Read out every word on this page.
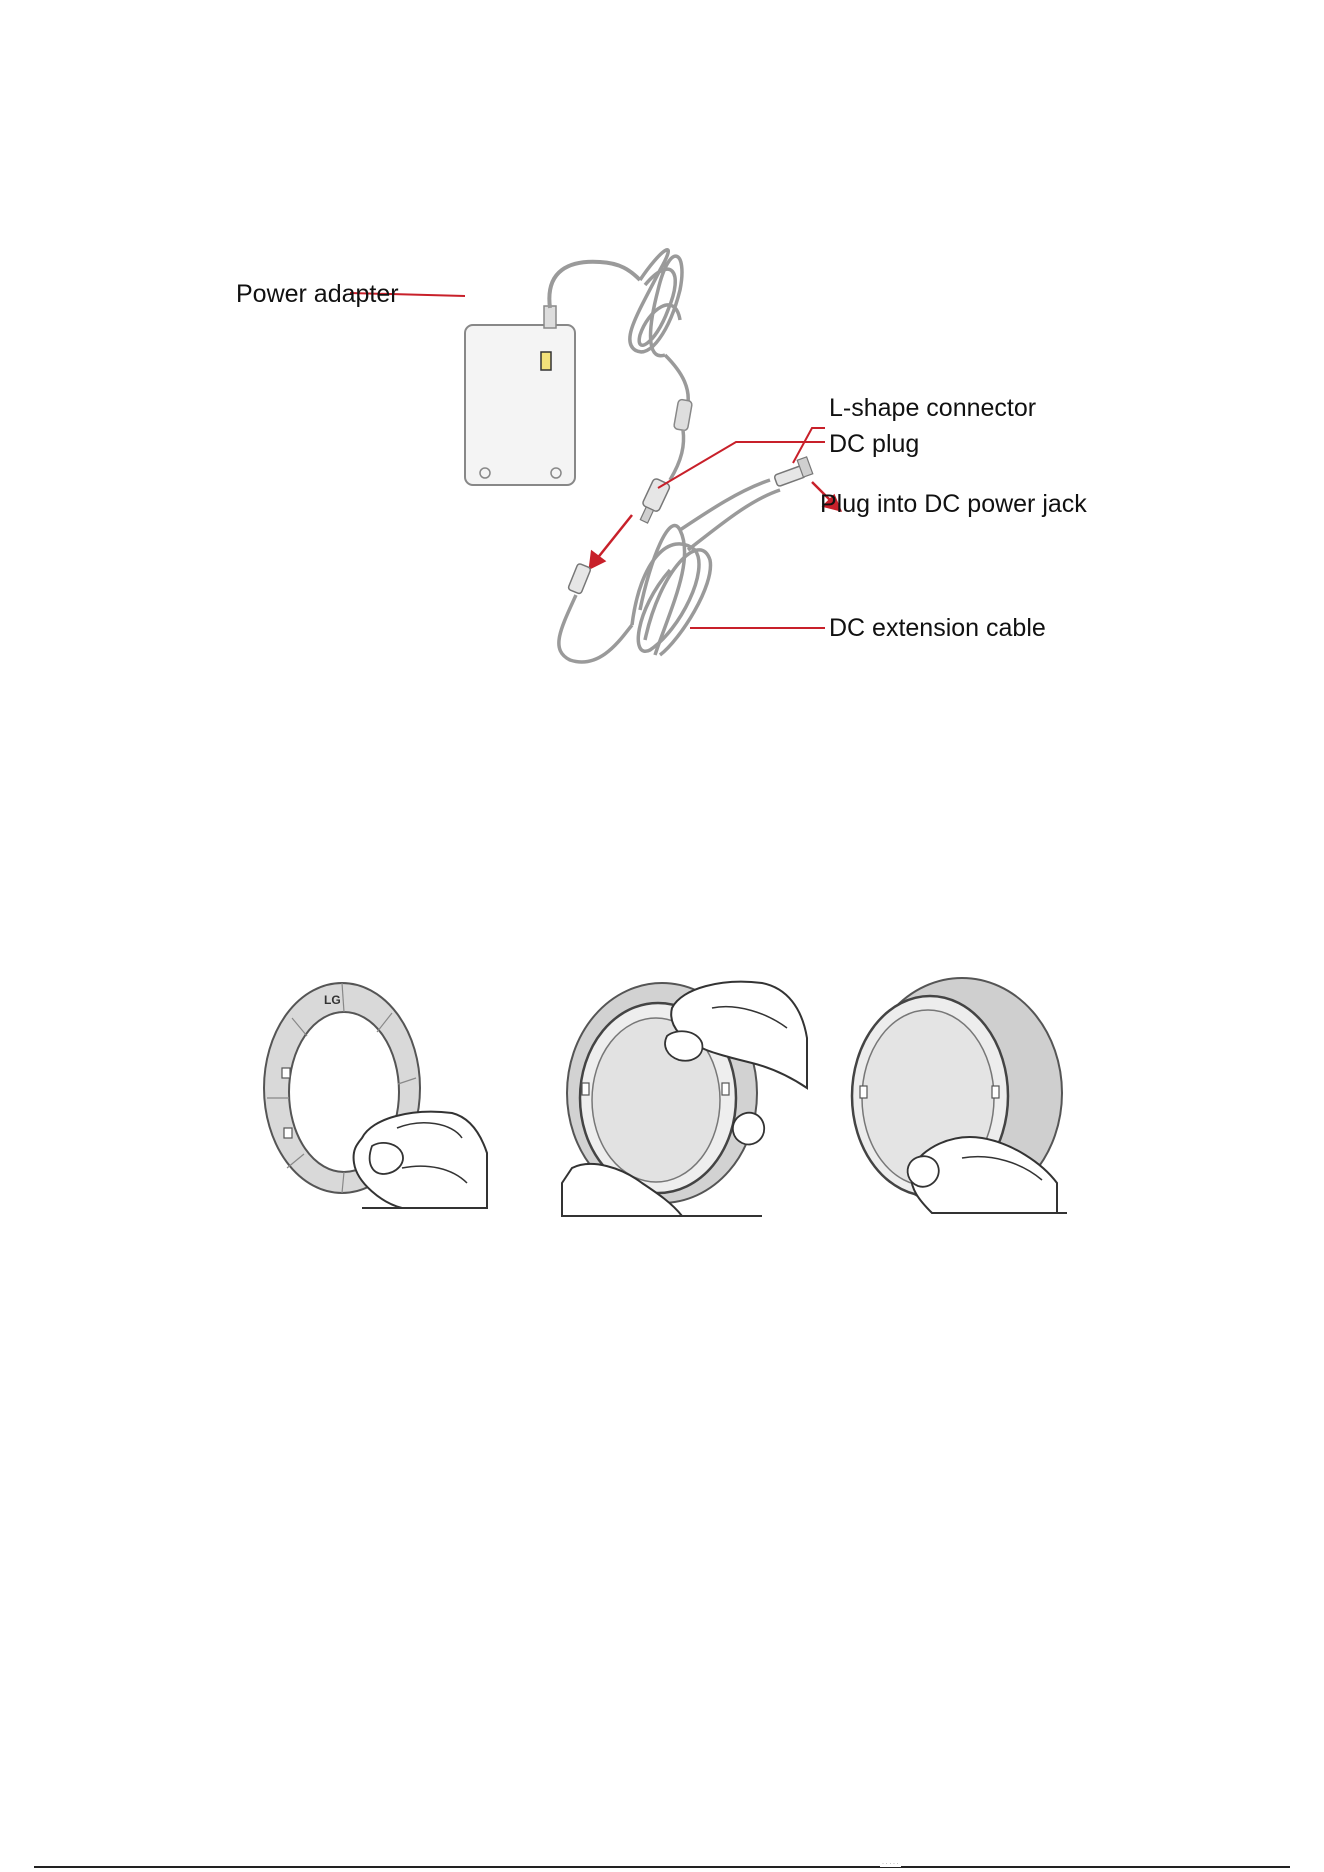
Power adapter
DC plug
L-shape connector
Plug into DC power jack
DC extension cable
LG
· · · · ·
